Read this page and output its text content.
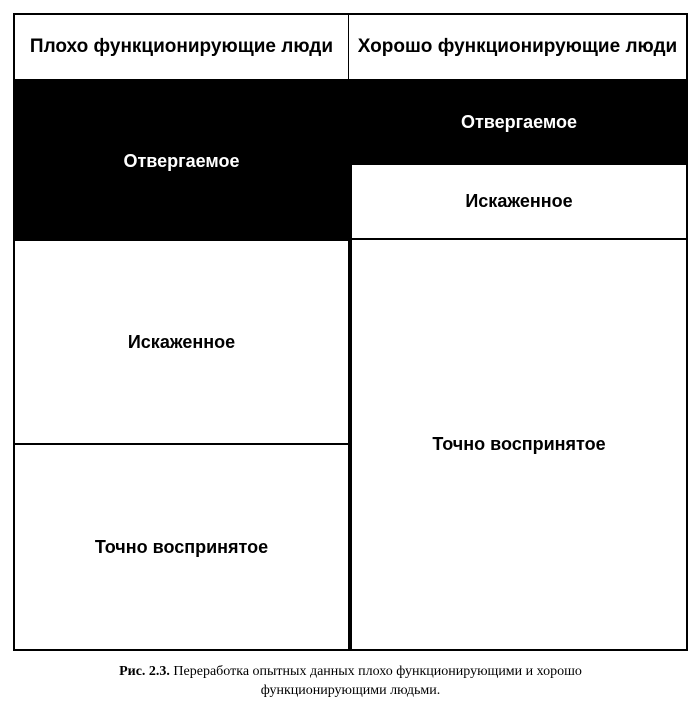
Плохо функционирующие люди Хорошо функционирующие люди
Отвергаемое
Искаженное
Точно воспринятое
Отвергаемое
Искаженное
Точно воспринятое
Рис. 2.3. Переработка опытных данных плохо функционирующими и хорошо
функционирующими людьми.
